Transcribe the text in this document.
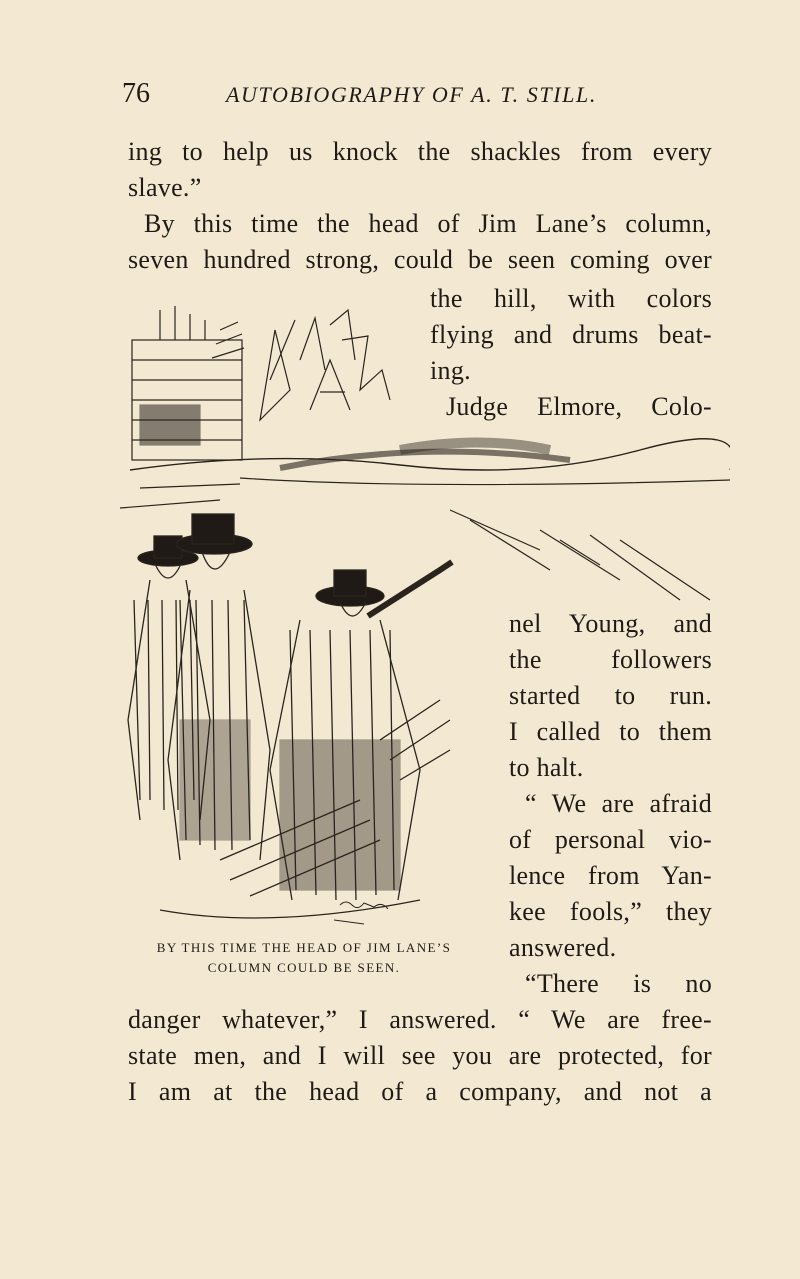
76	AUTOBIOGRAPHY OF A. T. STILL.
ing to help us knock the shackles from every
slave.”
By this time the head of Jim Lane’s column,
seven hundred strong, could be seen coming over
the hill, with colors
flying and drums beat-
ing.
Judge Elmore, Colo-
nel Young, and
the followers
started to run.
I called to them
to halt.
“ We are afraid
of personal vio-
lence from Yan-
kee fools,” they
answered.
“There is no
BY THIS TIME THE HEAD OF JIM LANE’S
COLUMN COULD BE SEEN.
danger whatever,” I answered. “ We are free-
state men, and I will see you are protected, for
I am at the head of a company, and not a
